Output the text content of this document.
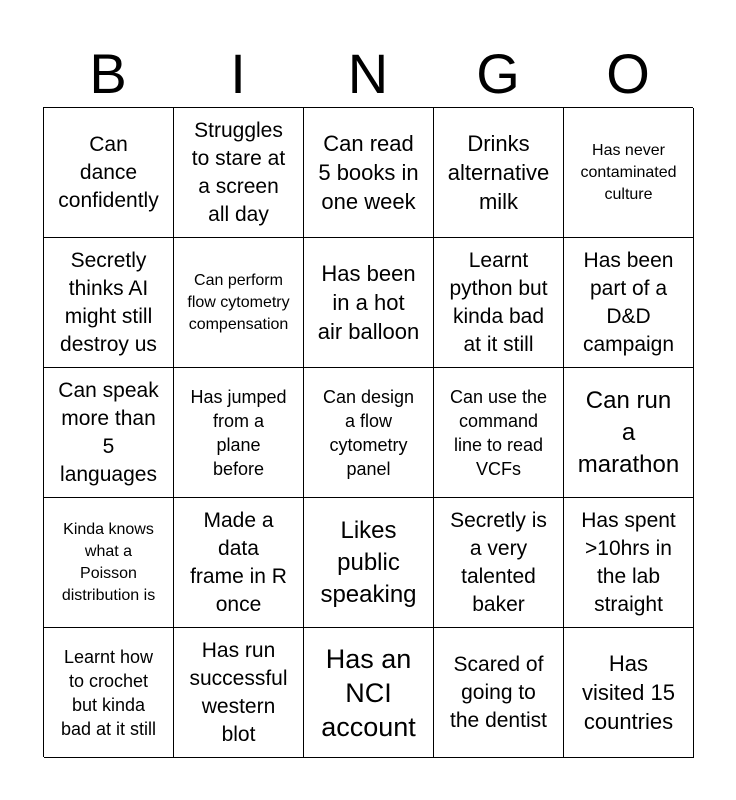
B	I	N	G	O
Can
dance
confidently
Struggles
to stare at
a screen
all day
Can read
5 books in
one week
Drinks
alternative
milk
Has never
contaminated
culture
Secretly
thinks AI
might still
destroy us
Can perform
flow cytometry
compensation
Has been
in a hot
air balloon
Learnt
python but
kinda bad
at it still
Has been
part of a
D&D
campaign
Can speak
more than
5
languages
Has jumped
from a
plane
before
Can design
a flow
cytometry
panel
Can use the
command
line to read
VCFs
Can run
a
marathon
Kinda knows
what a
Poisson
distribution is
Made a
data
frame in R
once
Likes
public
speaking
Secretly is
a very
talented
baker
Has spent
>10hrs in
the lab
straight
Learnt how
to crochet
but kinda
bad at it still
Has run
successful
western
blot
Has an
NCI
account
Scared of
going to
the dentist
Has
visited 15
countries
